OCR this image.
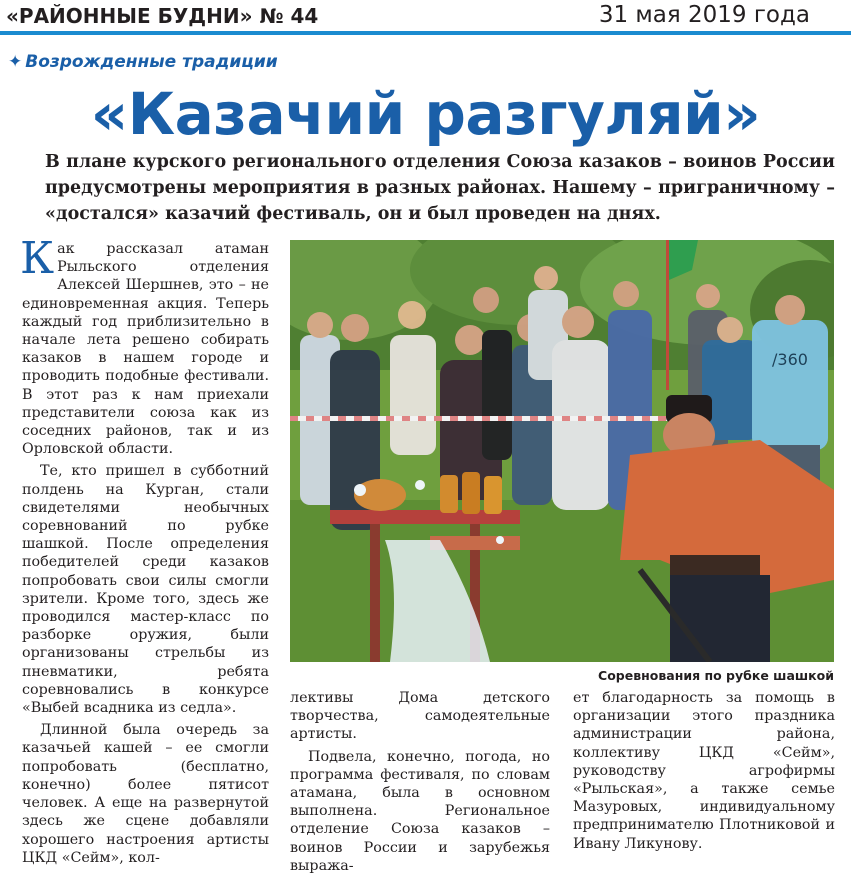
«РАЙОННЫЕ БУДНИ» № 44	31 мая 2019 года
✦ Возрожденные традиции
«Казачий разгуляй»
В плане курского регионального отделения Союза казаков – воинов России предусмотрены мероприятия в разных районах. Нашему – приграничному – «достался» казачий фестиваль, он и был проведен на днях.

Как рассказал атаман Рыльского отделения Алексей Шершнев, это – не единовременная акция. Теперь каждый год приблизительно в начале лета решено собирать казаков в нашем городе и проводить подобные фестивали. В этот раз к нам приехали представители союза как из соседних районов, так и из Орловской области.

Те, кто пришел в субботний полдень на Курган, стали свидетелями необычных соревнований по рубке шашкой. После определения победителей среди казаков попробовать свои силы смогли зрители. Кроме того, здесь же проводился мастер-класс по разборке оружия, были организованы стрельбы из пневматики, ребята соревновались в конкурсе «Выбей всадника из седла».

Длинной была очередь за казачьей кашей – ее смогли попробовать (бесплатно, конечно) более пятисот человек. А еще на развернутой здесь же сцене добавляли хорошего настроения артисты ЦКД «Сейм», кол-

/360
Соревнования по рубке шашкой

лективы Дома детского творчества, самодеятельные артисты.

Подвела, конечно, погода, но программа фестиваля, по словам атамана, была в основном выполнена. Региональное отделение Союза казаков – воинов России и зарубежья выража-

ет благодарность за помощь в организации этого праздника администрации района, коллективу ЦКД «Сейм», руководству агрофирмы «Рыльская», а также семье Мазуровых, индивидуальному предпринимателю Плотниковой и Ивану Ликунову.
